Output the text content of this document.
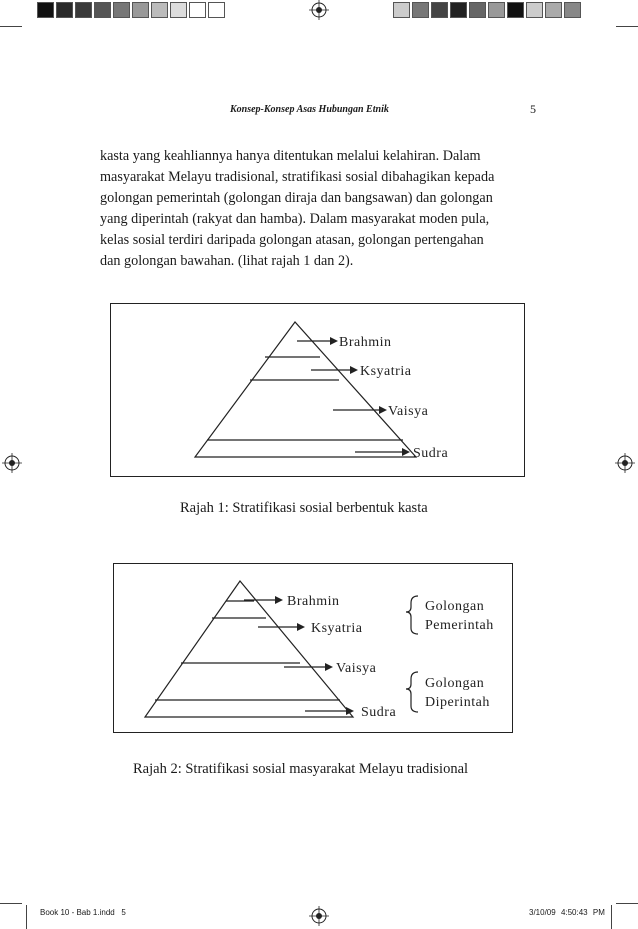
Konsep-Konsep Asas Hubungan Etnik	5
kasta yang keahliannya hanya ditentukan melalui kelahiran. Dalam
masyarakat Melayu tradisional, stratifikasi sosial dibahagikan kepada
golongan pemerintah (golongan diraja dan bangsawan) dan golongan
yang diperintah (rakyat dan hamba). Dalam masyarakat moden pula,
kelas sosial terdiri daripada golongan atasan, golongan pertengahan
dan golongan bawahan. (lihat rajah 1 dan 2).
Brahmin
Ksyatria
Vaisya
Sudra
Rajah 1: Stratifikasi sosial berbentuk kasta
Brahmin
Ksyatria
Vaisya
Sudra
Golongan
Pemerintah
Golongan
Diperintah
Rajah 2: Stratifikasi sosial masyarakat Melayu tradisional
Book 10 - Bab 1.indd   5	3/10/09 4:50:43 PM
